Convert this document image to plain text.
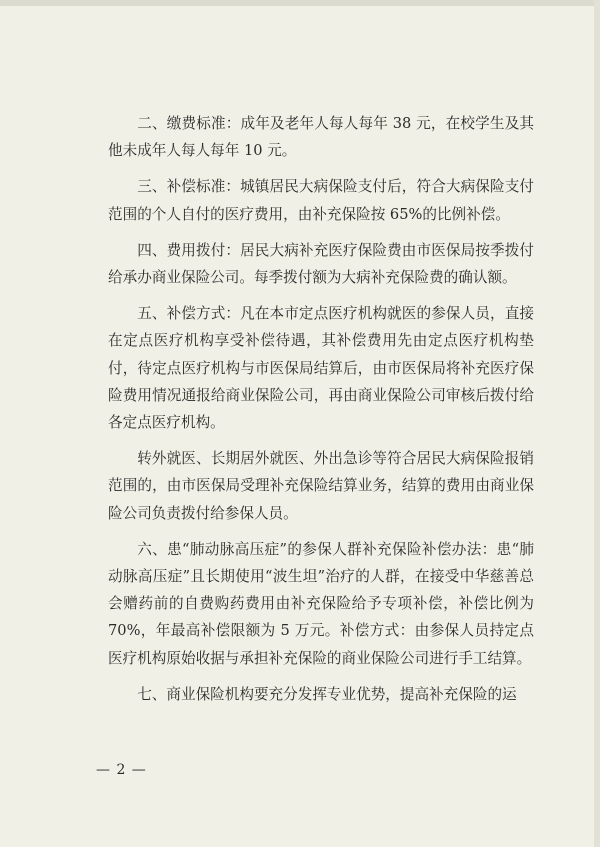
二、缴费标准：成年及老年人每人每年 38 元，在校学生及其他未成年人每人每年 10 元。

三、补偿标准：城镇居民大病保险支付后，符合大病保险支付范围的个人自付的医疗费用，由补充保险按 65%的比例补偿。

四、费用拨付：居民大病补充医疗保险费由市医保局按季拨付给承办商业保险公司。每季拨付额为大病补充保险费的确认额。

五、补偿方式：凡在本市定点医疗机构就医的参保人员，直接在定点医疗机构享受补偿待遇，其补偿费用先由定点医疗机构垫付，待定点医疗机构与市医保局结算后，由市医保局将补充医疗保险费用情况通报给商业保险公司，再由商业保险公司审核后拨付给各定点医疗机构。

转外就医、长期居外就医、外出急诊等符合居民大病保险报销范围的，由市医保局受理补充保险结算业务，结算的费用由商业保险公司负责拨付给参保人员。

六、患“肺动脉高压症”的参保人群补充保险补偿办法：患“肺动脉高压症”且长期使用“波生坦”治疗的人群，在接受中华慈善总会赠药前的自费购药费用由补充保险给予专项补偿，补偿比例为 70%，年最高补偿限额为 5 万元。补偿方式：由参保人员持定点医疗机构原始收据与承担补充保险的商业保险公司进行手工结算。

七、商业保险机构要充分发挥专业优势，提高补充保险的运

— 2 —
